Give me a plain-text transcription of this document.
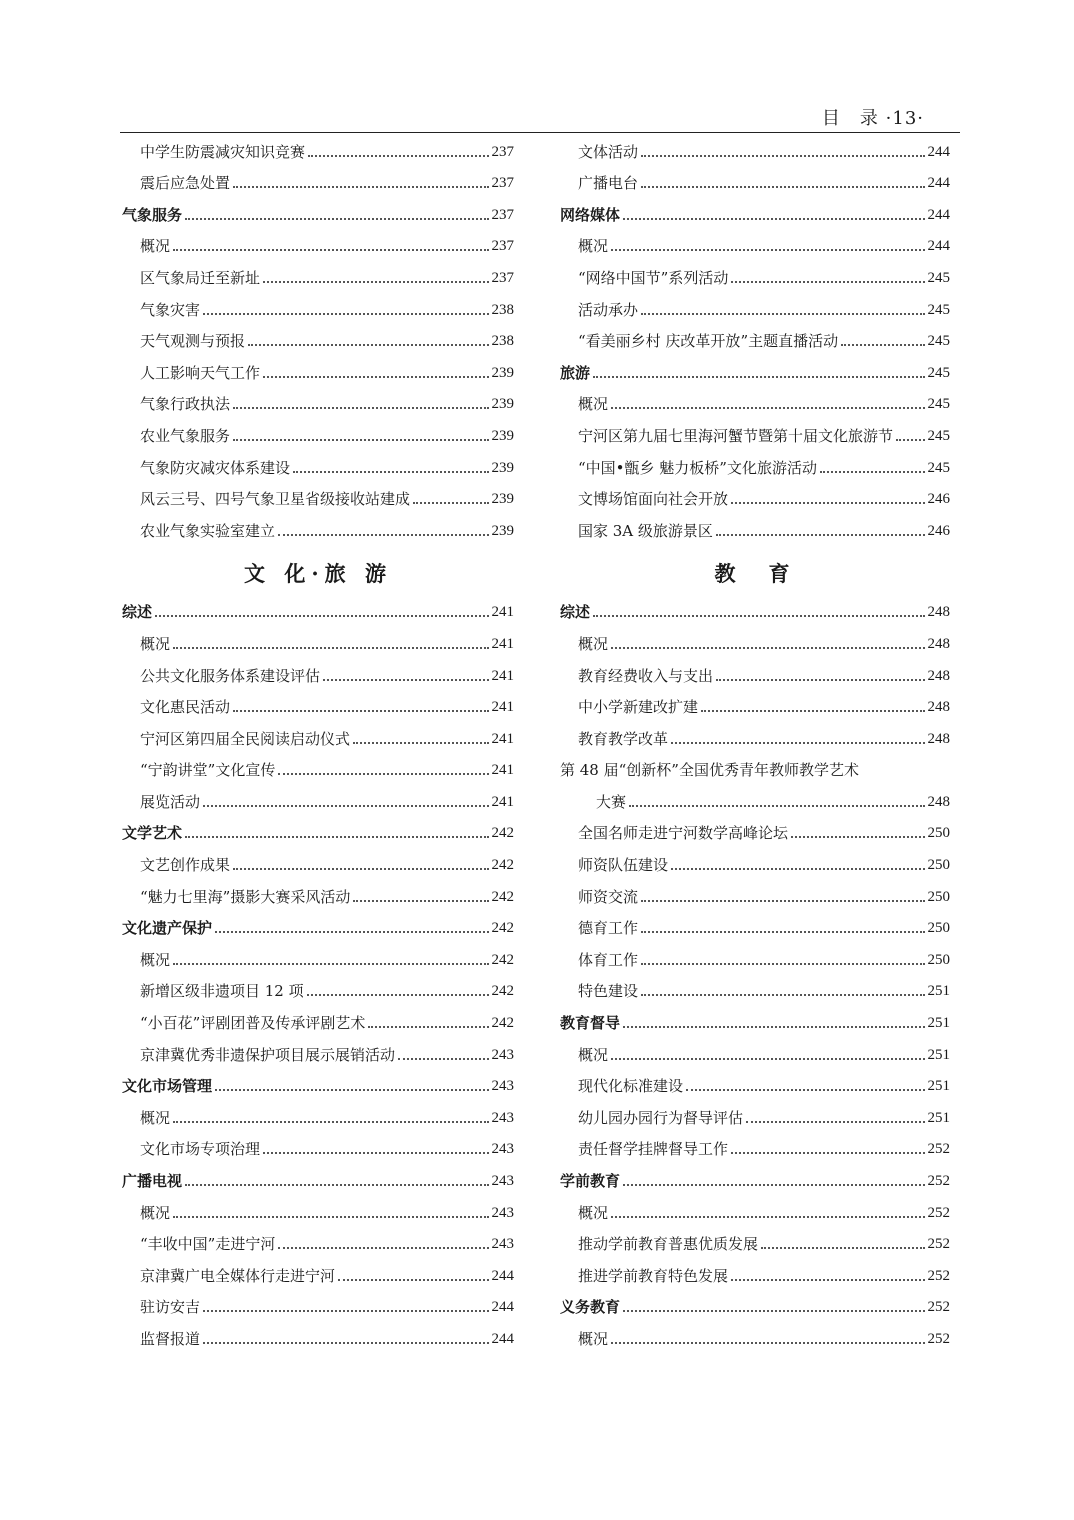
目　录 ·13·
中学生防震减灾知识竞赛	237
震后应急处置	237
气象服务	237
概况	237
区气象局迁至新址	237
气象灾害	238
天气观测与预报	238
人工影响天气工作	239
气象行政执法	239
农业气象服务	239
气象防灾减灾体系建设	239
风云三号、四号气象卫星省级接收站建成	239
农业气象实验室建立	239
文 化·旅 游
综述	241
概况	241
公共文化服务体系建设评估	241
文化惠民活动	241
宁河区第四届全民阅读启动仪式	241
“宁韵讲堂”文化宣传	241
展览活动	241
文学艺术	242
文艺创作成果	242
“魅力七里海”摄影大赛采风活动	242
文化遗产保护	242
概况	242
新增区级非遗项目 12 项	242
“小百花”评剧团普及传承评剧艺术	242
京津冀优秀非遗保护项目展示展销活动	243
文化市场管理	243
概况	243
文化市场专项治理	243
广播电视	243
概况	243
“丰收中国”走进宁河	243
京津冀广电全媒体行走进宁河	244
驻访安吉	244
监督报道	244
文体活动	244
广播电台	244
网络媒体	244
概况	244
“网络中国节”系列活动	245
活动承办	245
“看美丽乡村 庆改革开放”主题直播活动	245
旅游	245
概况	245
宁河区第九届七里海河蟹节暨第十届文化旅游节 245
“中国•甑乡 魅力板桥”文化旅游活动	245
文博场馆面向社会开放	246
国家 3A 级旅游景区	246
教　育
综述	248
概况	248
教育经费收入与支出	248
中小学新建改扩建	248
教育教学改革	248
第 48 届“创新杯”全国优秀青年教师教学艺术
大赛	248
全国名师走进宁河数学高峰论坛	250
师资队伍建设	250
师资交流	250
德育工作	250
体育工作	250
特色建设	251
教育督导	251
概况	251
现代化标准建设	251
幼儿园办园行为督导评估	251
责任督学挂牌督导工作	252
学前教育	252
概况	252
推动学前教育普惠优质发展	252
推进学前教育特色发展	252
义务教育	252
概况	252
